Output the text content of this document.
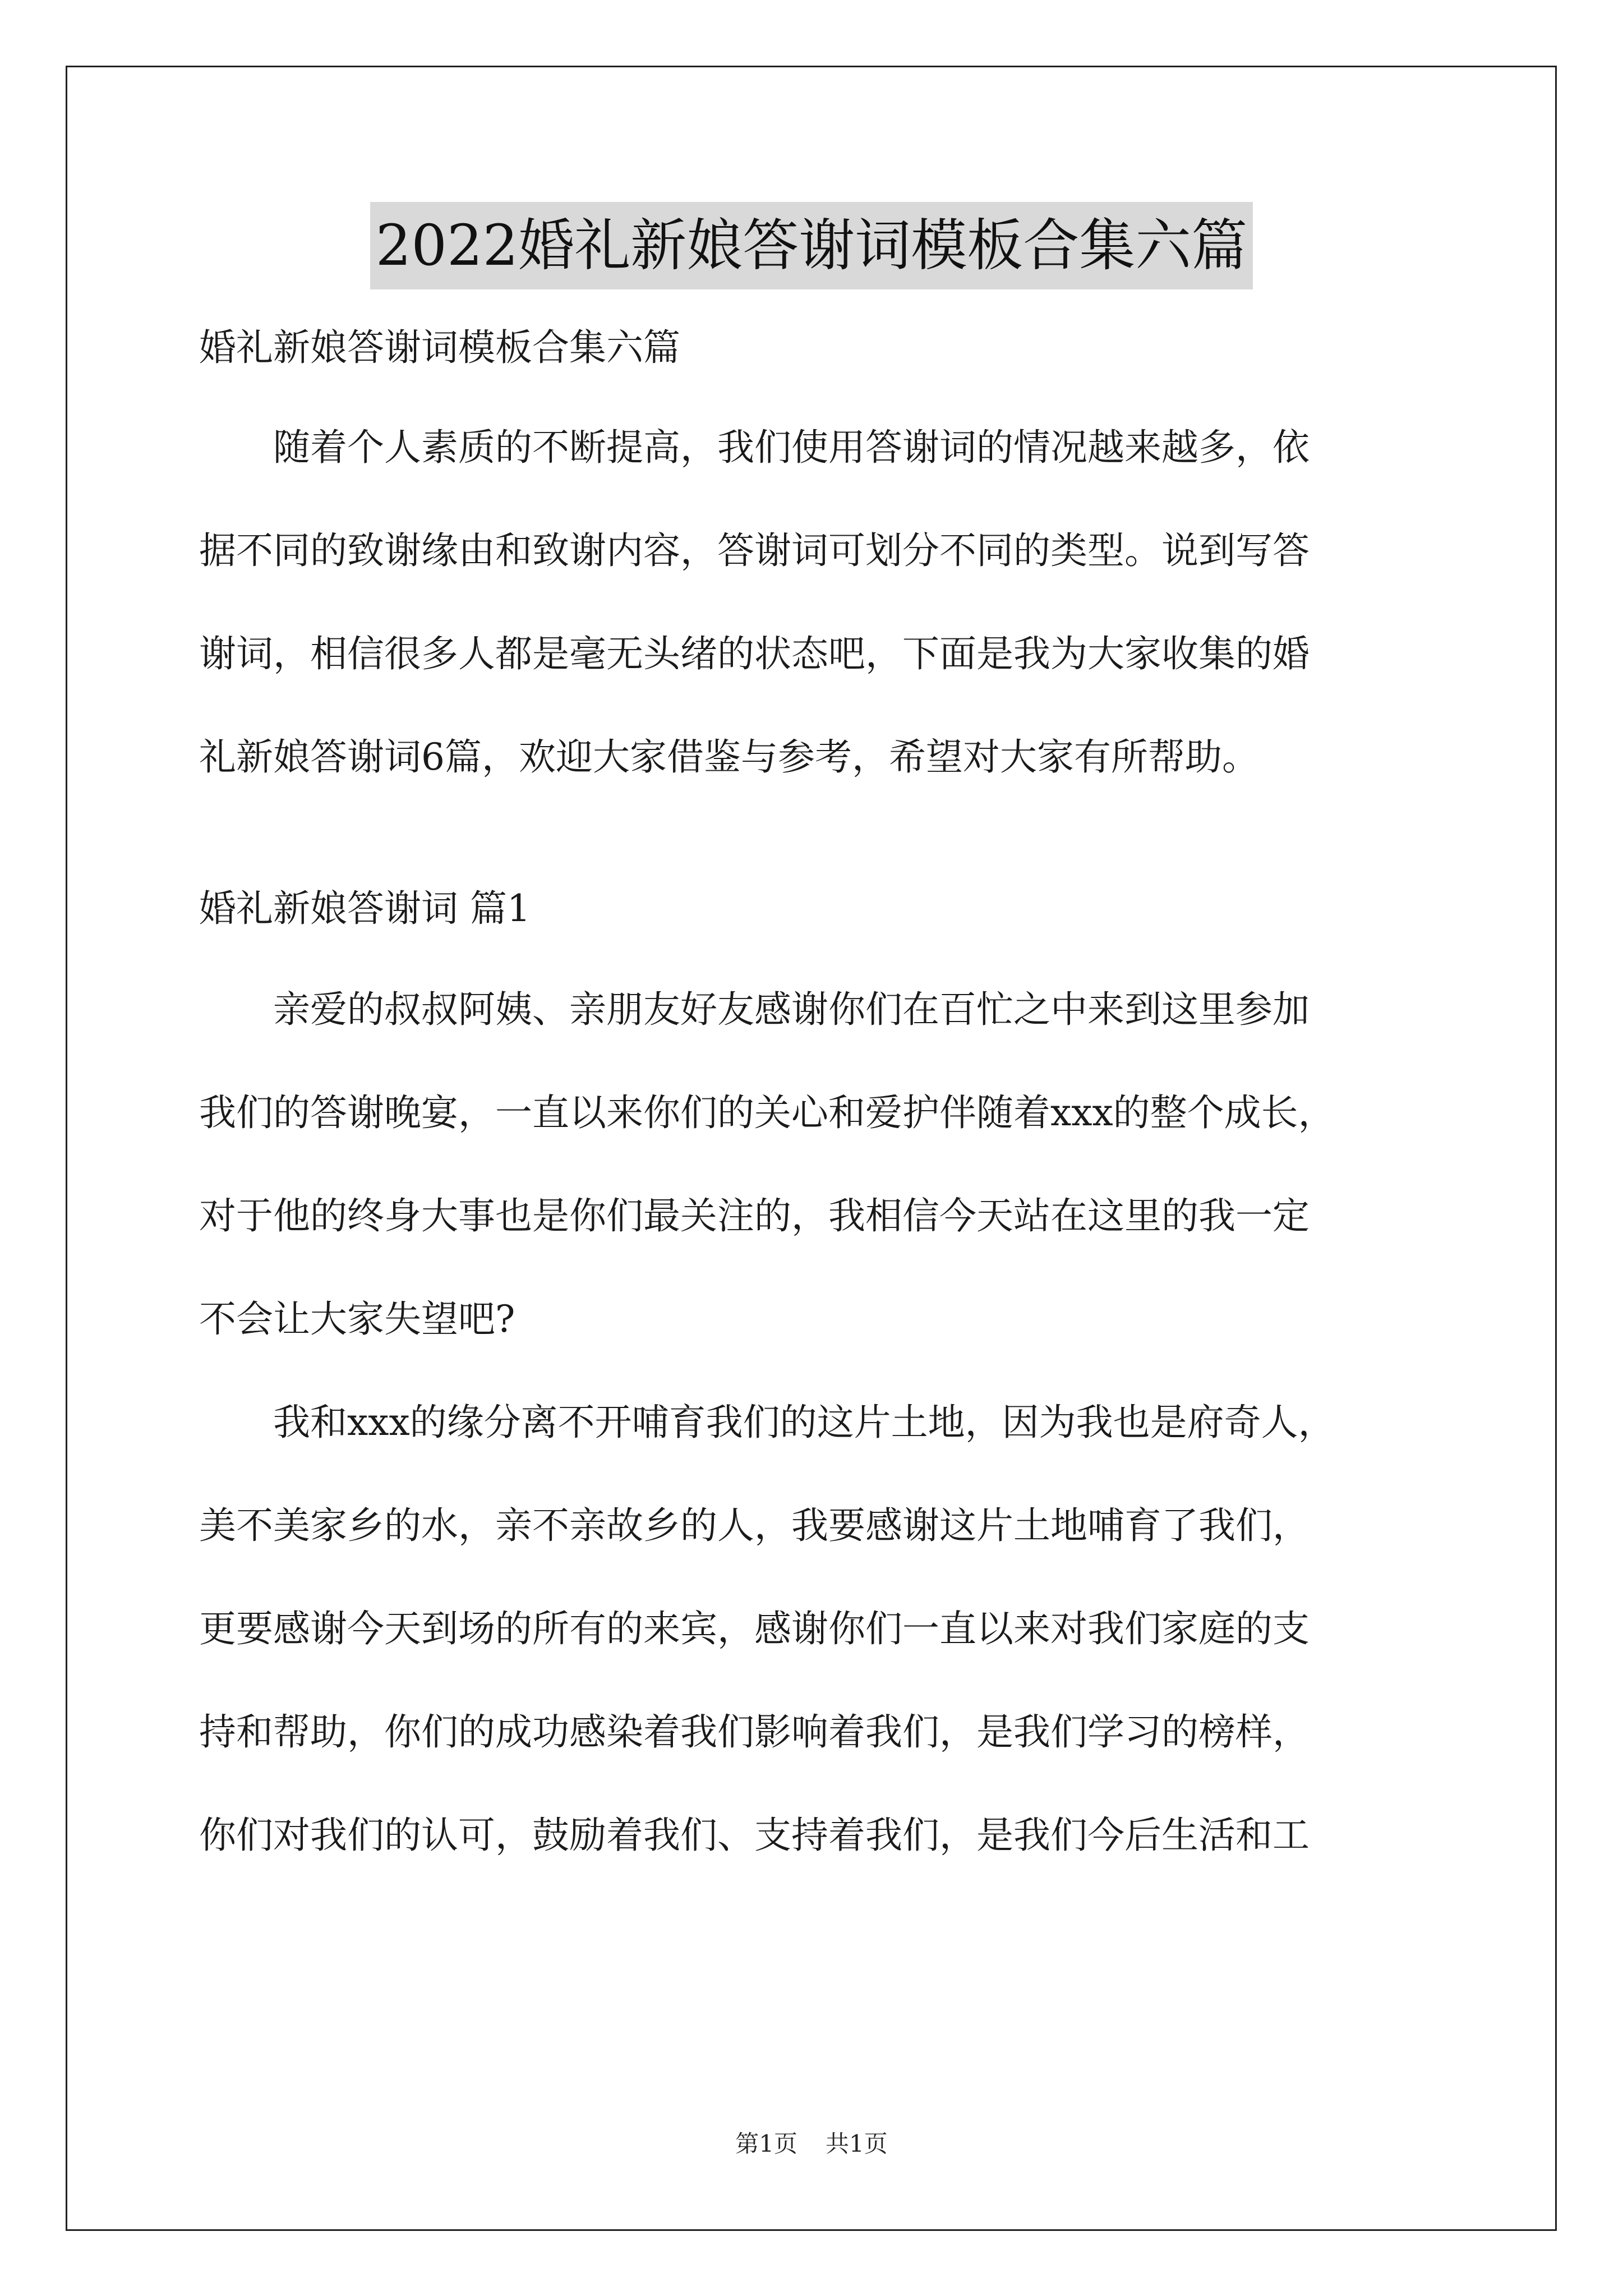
2022婚礼新娘答谢词模板合集六篇
婚礼新娘答谢词模板合集六篇
随着个人素质的不断提高，我们使用答谢词的情况越来越多，依
据不同的致谢缘由和致谢内容，答谢词可划分不同的类型。说到写答
谢词，相信很多人都是毫无头绪的状态吧，下面是我为大家收集的婚
礼新娘答谢词6篇，欢迎大家借鉴与参考，希望对大家有所帮助。
婚礼新娘答谢词 篇1
亲爱的叔叔阿姨、亲朋友好友感谢你们在百忙之中来到这里参加
我们的答谢晚宴，一直以来你们的关心和爱护伴随着xxx的整个成长，
对于他的终身大事也是你们最关注的，我相信今天站在这里的我一定
不会让大家失望吧?
我和xxx的缘分离不开哺育我们的这片土地，因为我也是府奇人，
美不美家乡的水，亲不亲故乡的人，我要感谢这片土地哺育了我们，
更要感谢今天到场的所有的来宾，感谢你们一直以来对我们家庭的支
持和帮助，你们的成功感染着我们影响着我们，是我们学习的榜样，
你们对我们的认可，鼓励着我们、支持着我们，是我们今后生活和工
第1页 共1页
